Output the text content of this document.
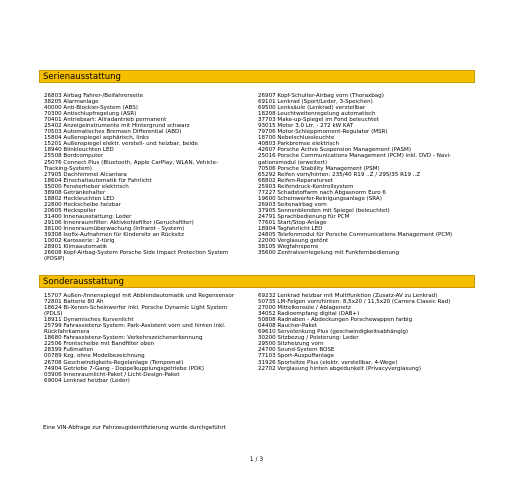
Serienausstattung
26803 Airbag Fahrer-/Beifahrerseite
38205 Alarmanlage
40000 Anti-Blockier-System (ABS)
70300 Antischlupfregelung (ASR)
70401 Antriebsart: Allradantrieb permanent
25402 Anzeigeinstrumente mit Hintergrund schwarz
70503 Automatisches Bremsen Differential (ABD)
15804 Außenspiegel asphärisch, links
15201 Außenspiegel elektr. verstell- und heizbar, beide
18940 Blinkleuchten LED
25508 Bordcomputer
25076 Connect Plus (Bluetooth, Apple CarPlay, WLAN, Vehicle-
Tracking-System)
27905 Dachhimmel Alcantara
18604 Einschaltautomatik für Fahrlicht
35000 Fensterheber elektrisch
38908 Getränkehalter
18802 Heckleuchten LED
22800 Heckscheibe heizbar
20605 Heckspoiler
31400 Innenausstattung: Leder
29106 Innenraumfilter: Aktivkohlefilter (Geruchsfilter)
38100 Innenraumüberwachung (Infrarot - System)
39308 Isofix-Aufnahmen für Kindersitz an Rücksitz
10002 Karosserie: 2-türig
28901 Klimaautomatik
26608 Kopf-Airbag-System Porsche Side Impact Protection System
(POSIP)
26907 Kopf-Schulter-Airbag vorn (Thoraxbag)
69101 Lenkrad (Sport/Leder, 3-Speichen)
69500 Lenksäule (Lenkrad) verstellbar
18208 Leuchtweitenregelung automatisch
37703 Make-up-Spiegel im Fond beleuchtet
93015 Motor 3.0 Ltr. - 272 kW KAT
79706 Motor-Schleppmoment-Regulator (MSR)
18700 Nebelschlussleuchte
40803 Parkbremse elektrisch
42607 Porsche Active Suspension Management (PASM)
25016 Porsche Communications Management (PCM) inkl. DVD - Navi-
gationsmodul (erweitert)
70506 Porsche Stability Management (PSM)
65292 Reifen vorn/hinten: 235/40 R19 ..Z / 295/35 R19 ..Z
68802 Reifen-Reparaturset
25903 Reifendruck-Kontrollsystem
77227 Schadstoffarm nach Abgasnorm Euro 6
19600 Scheinwerfer-Reinigungsanlage (SRA)
26903 Seitenairbag vorn
37905 Sonnenblenden mit Spiegel (beleuchtet)
24791 Sprachbedienung für PCM
77601 Start/Stop-Anlage
18904 Tagfahrlicht LED
24805 Telefonmodul für Porsche Communications Management (PCM)
22000 Verglasung getönt
38105 Wegfahrsperre
35600 Zentralverriegelung mit Funkfernbedienung
Sonderausstattung
15707 Außen-/Innenspiegel mit Abblendautomatik und Regensensor
72801 Batterie 80 Ah
18624 Bi-Xenon-Scheinwerfer inkl. Porsche Dynamic Light System
(PDLS)
18911 Dynamisches Kurvenlicht
25799 Fahrassistenz-System: Park-Assistent vorn und hinten inkl.
Rückfahrkamera
18680 Fahrassistenz-System: Verkehrszeichenerkennung
22506 Frontscheibe mit Bandfilter oben
28399 Fußmatten
00789 Kzg. ohne Modelbezeichnung
26708 Geschwindigkeits-Regelanlage (Tempomat)
74904 Getriebe 7-Gang - Doppelkupplungsgetriebe (PDK)
03906 Innenraumlicht-Paket / Licht-Design-Paket
69004 Lenkrad heizbar (Leder)
69232 Lenkrad heizbar mit Multifunktion (Zusatz-AV zu Lenkrad)
50735 LM-Felgen vorn/hinten: 8,5x20 / 11,5x20 (Carrera Classic Rad)
27000 Mittelkonsole / Ablagenetz
34052 Radioempfang digital (DAB+)
50808 Radnaben - Abdeckungen Porschewappen farbig
04408 Raucher-Paket
69610 Servolenkung Plus (geschwindigkeitsabhängig)
30200 Sitzbezug / Polsterung: Leder
29500 Sitzheizung vorn
24700 Sound-System BOSE
77103 Sport-Auspuffanlage
31926 Sportsitze Plus (elektr. verstellbar, 4-Wege)
22702 Verglasung hinten abgedunkelt (Privacyverglasung)
Eine VIN-Abfrage zur Fahrzeugidentifizierung wurde durchgeführt
1 / 3
